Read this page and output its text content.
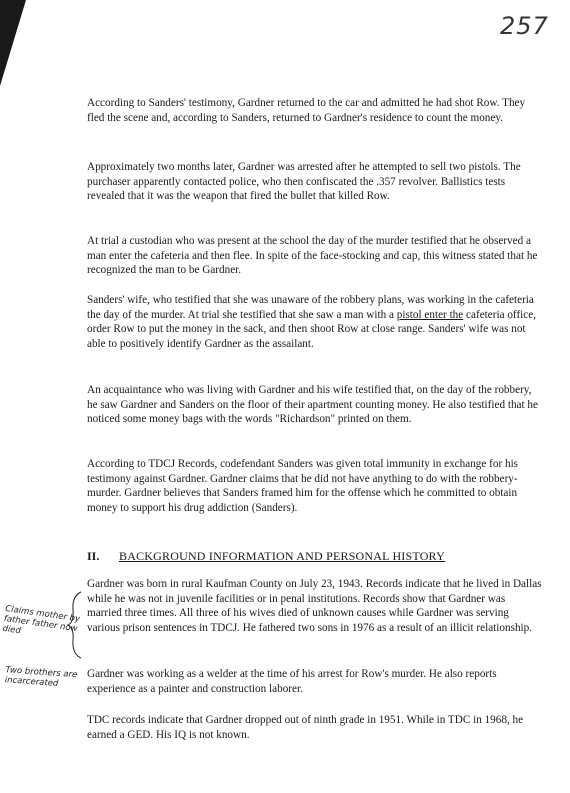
257

According to Sanders' testimony, Gardner returned to the car and admitted he had shot Row. They fled the scene and, according to Sanders, returned to Gardner's residence to count the money.

Approximately two months later, Gardner was arrested after he attempted to sell two pistols. The purchaser apparently contacted police, who then confiscated the .357 revolver. Ballistics tests revealed that it was the weapon that fired the bullet that killed Row.

At trial a custodian who was present at the school the day of the murder testified that he observed a man enter the cafeteria and then flee. In spite of the face-stocking and cap, this witness stated that he recognized the man to be Gardner.

Sanders' wife, who testified that she was unaware of the robbery plans, was working in the cafeteria the day of the murder. At trial she testified that she saw a man with a pistol enter the cafeteria office, order Row to put the money in the sack, and then shoot Row at close range. Sanders' wife was not able to positively identify Gardner as the assailant.

An acquaintance who was living with Gardner and his wife testified that, on the day of the robbery, he saw Gardner and Sanders on the floor of their apartment counting money. He also testified that he noticed some money bags with the words "Richardson" printed on them.

According to TDCJ Records, codefendant Sanders was given total immunity in exchange for his testimony against Gardner. Gardner claims that he did not have anything to do with the robbery-murder. Gardner believes that Sanders framed him for the offense which he committed to obtain money to support his drug addiction (Sanders).

II. BACKGROUND INFORMATION AND PERSONAL HISTORY

Gardner was born in rural Kaufman County on July 23, 1943. Records indicate that he lived in Dallas while he was not in juvenile facilities or in penal institutions. Records show that Gardner was married three times. All three of his wives died of unknown causes while Gardner was serving various prison sentences in TDCJ. He fathered two sons in 1976 as a result of an illicit relationship.

Gardner was working as a welder at the time of his arrest for Row's murder. He also reports experience as a painter and construction laborer.

TDC records indicate that Gardner dropped out of ninth grade in 1951. While in TDC in 1968, he earned a GED. His IQ is not known.

Claims mother by father father now died
Two brothers are incarcerated
